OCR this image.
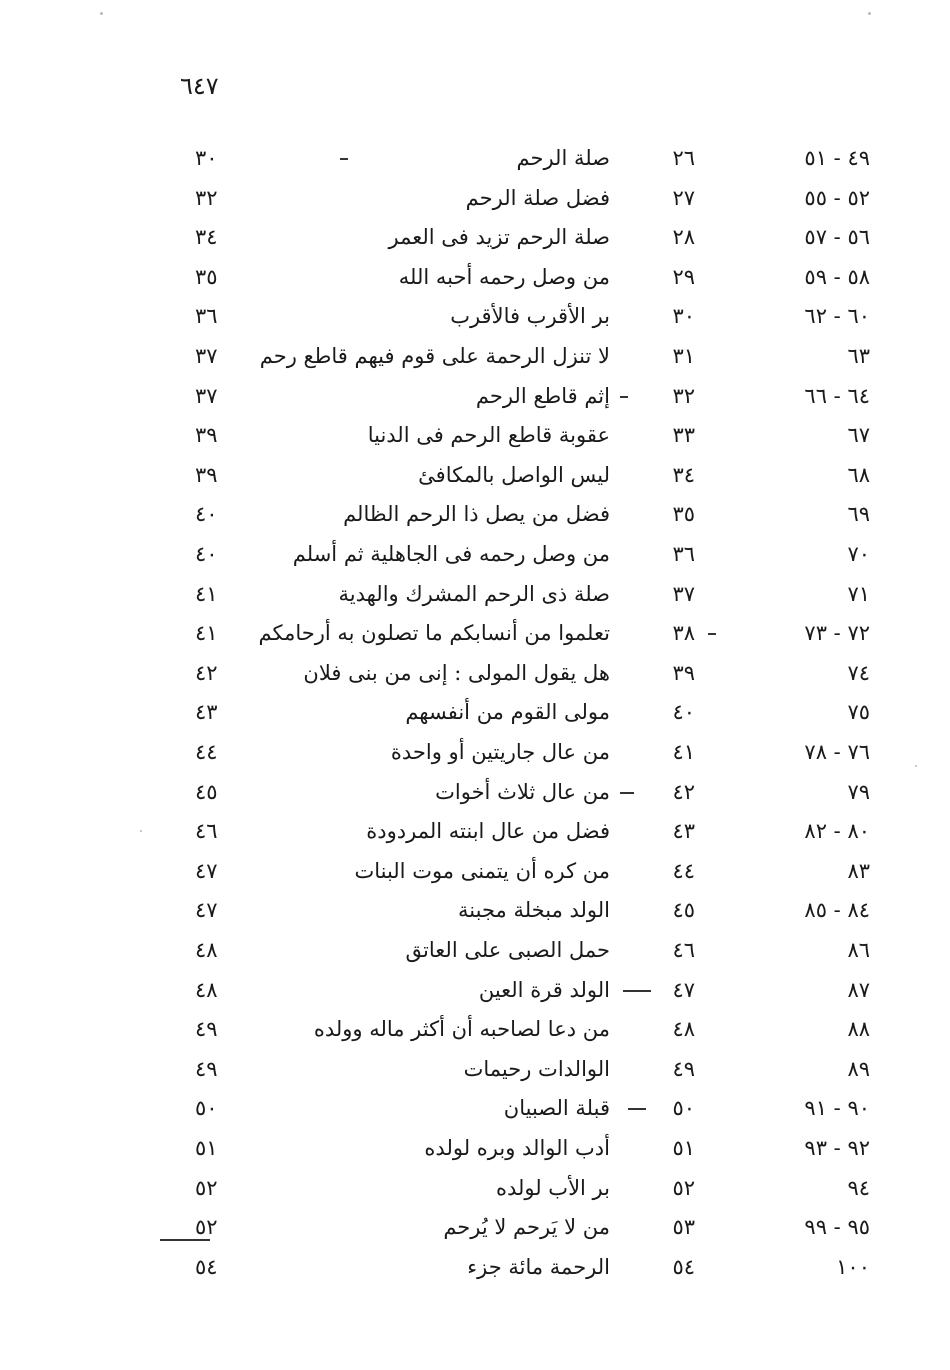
٦٤٧
٤٩ - ٥١
٢٦
صلة الرحم
٣٠
٥٢ - ٥٥
٢٧
فضل صلة الرحم
٣٢
٥٦ - ٥٧
٢٨
صلة الرحم تزيد فى العمر
٣٤
٥٨ - ٥٩
٢٩
من وصل رحمه أحبه الله
٣٥
٦٠ - ٦٢
٣٠
بر الأقرب فالأقرب
٣٦
٦٣
٣١
لا تنزل الرحمة على قوم فيهم قاطع رحم
٣٧
٦٤ - ٦٦
٣٢
إثم قاطع الرحم
٣٧
٦٧
٣٣
عقوبة قاطع الرحم فى الدنيا
٣٩
٦٨
٣٤
ليس الواصل بالمكافئ
٣٩
٦٩
٣٥
فضل من يصل ذا الرحم الظالم
٤٠
٧٠
٣٦
من وصل رحمه فى الجاهلية ثم أسلم
٤٠
٧١
٣٧
صلة ذى الرحم المشرك والهدية
٤١
٧٢ - ٧٣
٣٨
تعلموا من أنسابكم ما تصلون به أرحامكم
٤١
٧٤
٣٩
هل يقول المولى : إنى من بنى فلان
٤٢
٧٥
٤٠
مولى القوم من أنفسهم
٤٣
٧٦ - ٧٨
٤١
من عال جاريتين أو واحدة
٤٤
٧٩
٤٢
من عال ثلاث أخوات
٤٥
٨٠ - ٨٢
٤٣
فضل من عال ابنته المردودة
٤٦
٨٣
٤٤
من كره أن يتمنى موت البنات
٤٧
٨٤ - ٨٥
٤٥
الولد مبخلة مجبنة
٤٧
٨٦
٤٦
حمل الصبى على العاتق
٤٨
٨٧
٤٧
الولد قرة العين
٤٨
٨٨
٤٨
من دعا لصاحبه أن أكثر ماله وولده
٤٩
٨٩
٤٩
الوالدات رحيمات
٤٩
٩٠ - ٩١
٥٠
قبلة الصبيان
٥٠
٩٢ - ٩٣
٥١
أدب الوالد وبره لولده
٥١
٩٤
٥٢
بر الأب لولده
٥٢
٩٥ - ٩٩
٥٣
من لا يَرحم لا يُرحم
٥٢
١٠٠
٥٤
الرحمة مائة جزء
٥٤
